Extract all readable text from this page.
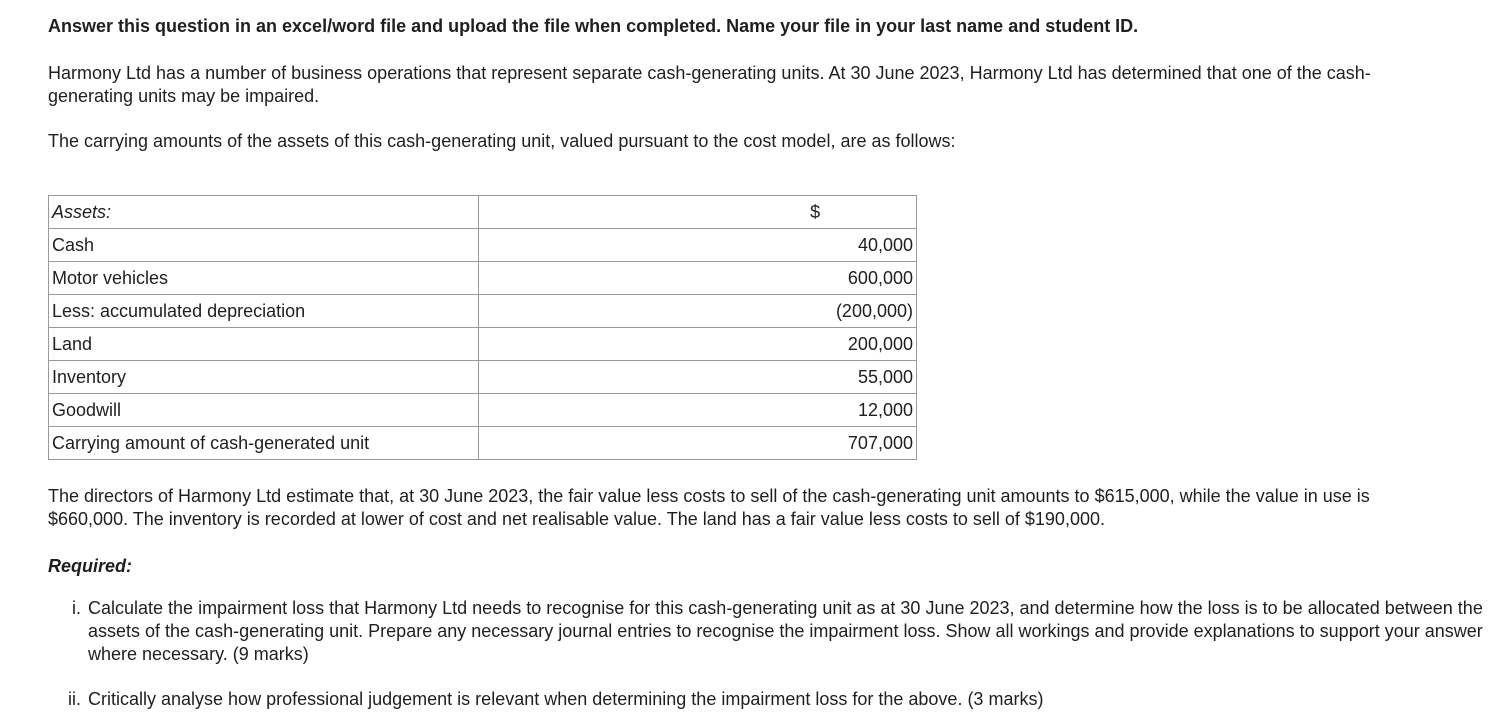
Answer this question in an excel/word file and upload the file when completed. Name your file in your last name and student ID.
Harmony Ltd has a number of business operations that represent separate cash-generating units. At 30 June 2023, Harmony Ltd has determined that one of the cash-generating units may be impaired.
The carrying amounts of the assets of this cash-generating unit, valued pursuant to the cost model, are as follows:
Assets:	$
Cash	40,000
Motor vehicles	600,000
Less: accumulated depreciation	(200,000)
Land	200,000
Inventory	55,000
Goodwill	12,000
Carrying amount of cash-generated unit	707,000
The directors of Harmony Ltd estimate that, at 30 June 2023, the fair value less costs to sell of the cash-generating unit amounts to $615,000, while the value in use is $660,000. The inventory is recorded at lower of cost and net realisable value. The land has a fair value less costs to sell of $190,000.
Required:
i. Calculate the impairment loss that Harmony Ltd needs to recognise for this cash-generating unit as at 30 June 2023, and determine how the loss is to be allocated between the assets of the cash-generating unit. Prepare any necessary journal entries to recognise the impairment loss. Show all workings and provide explanations to support your answer where necessary. (9 marks)
ii. Critically analyse how professional judgement is relevant when determining the impairment loss for the above. (3 marks)
